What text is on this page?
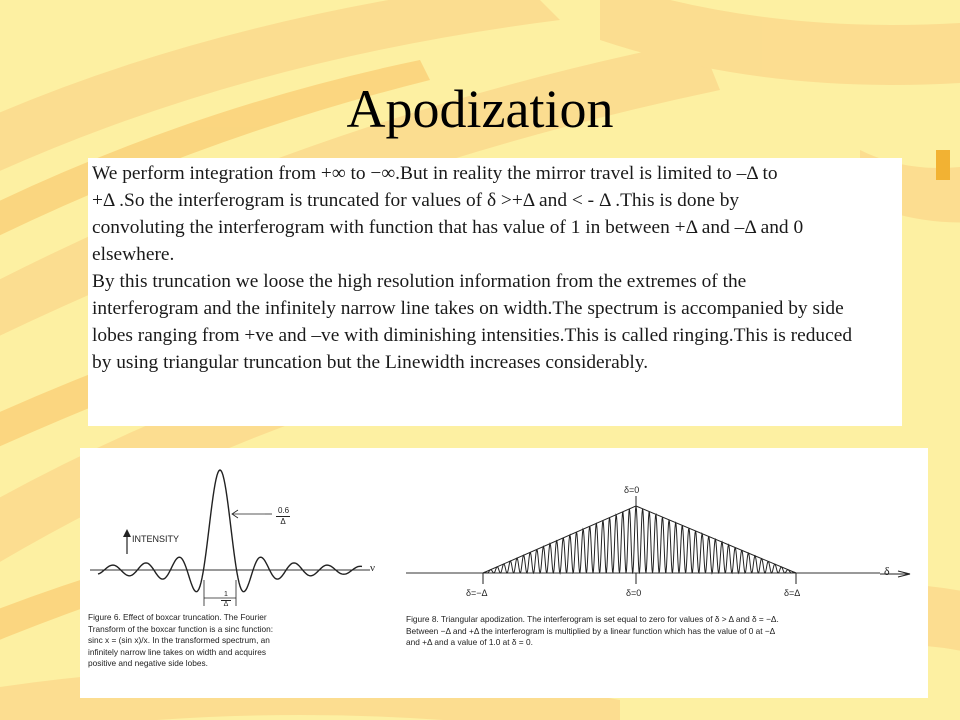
Apodization
We perform integration from +∞ to −∞.But in reality the mirror travel is limited to –Δ to
+Δ .So the interferogram is truncated for values of δ >+Δ and < - Δ .This is done by
convoluting the interferogram with function that has value of 1 in between +Δ and –Δ and 0
elsewhere.
By this truncation we loose the high resolution information from the extremes of the
interferogram and the infinitely narrow line takes on width.The spectrum is accompanied by side
lobes ranging from +ve and –ve with diminishing intensities.This is called ringing.This is reduced
by using triangular truncation but the Linewidth increases considerably.
INTENSITY
ν
0.6
Δ
1
Δ
δ=0
δ=−Δ	δ=0	δ=Δ
δ
Figure 6. Effect of boxcar truncation. The Fourier
Transform of the boxcar function is a sinc function:
sinc x = (sin x)/x. In the transformed spectrum, an
infinitely narrow line takes on width and acquires
positive and negative side lobes.
Figure 8. Triangular apodization. The interferogram is set equal to zero for values of δ > Δ and δ = −Δ.
Between −Δ and +Δ the interferogram is multiplied by a linear function which has the value of 0 at −Δ
and +Δ and a value of 1.0 at δ = 0.
